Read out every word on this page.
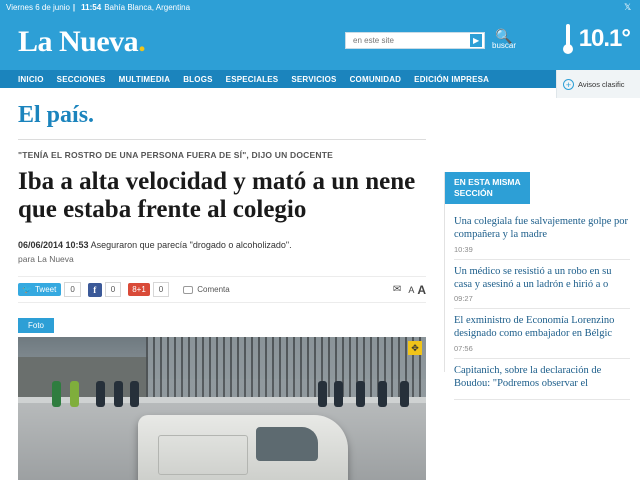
Viernes 6 de junio | 11:54 Bahía Blanca, Argentina	𝕏
La Nueva.
en este site	▶ 🔍
buscar	10.1°
INICIO SECCIONES MULTIMEDIA BLOGS ESPECIALES SERVICIOS COMUNIDAD EDICIÓN IMPRESA
+ Avisos clasific
El país.
"TENÍA EL ROSTRO DE UNA PERSONA FUERA DE SÍ", DIJO UN DOCENTE
Iba a alta velocidad y mató a un nene que estaba frente al colegio
06/06/2014 10:53 Aseguraron que parecía "drogado o alcoholizado".
para La Nueva
🐦 Tweet	0	f	0	8+1	0	Comenta	✉ A A
Foto
✥
EN ESTA MISMA SECCIÓN
Una colegiala fue salvajemente golpe por compañera y la madre
10:39
Un médico se resistió a un robo en su casa y asesinó a un ladrón e hirió a o
09:27
El exministro de Economía Lorenzino designado como embajador en Bélgic
07:56
Capitanich, sobre la declaración de Boudou: "Podremos observar el
